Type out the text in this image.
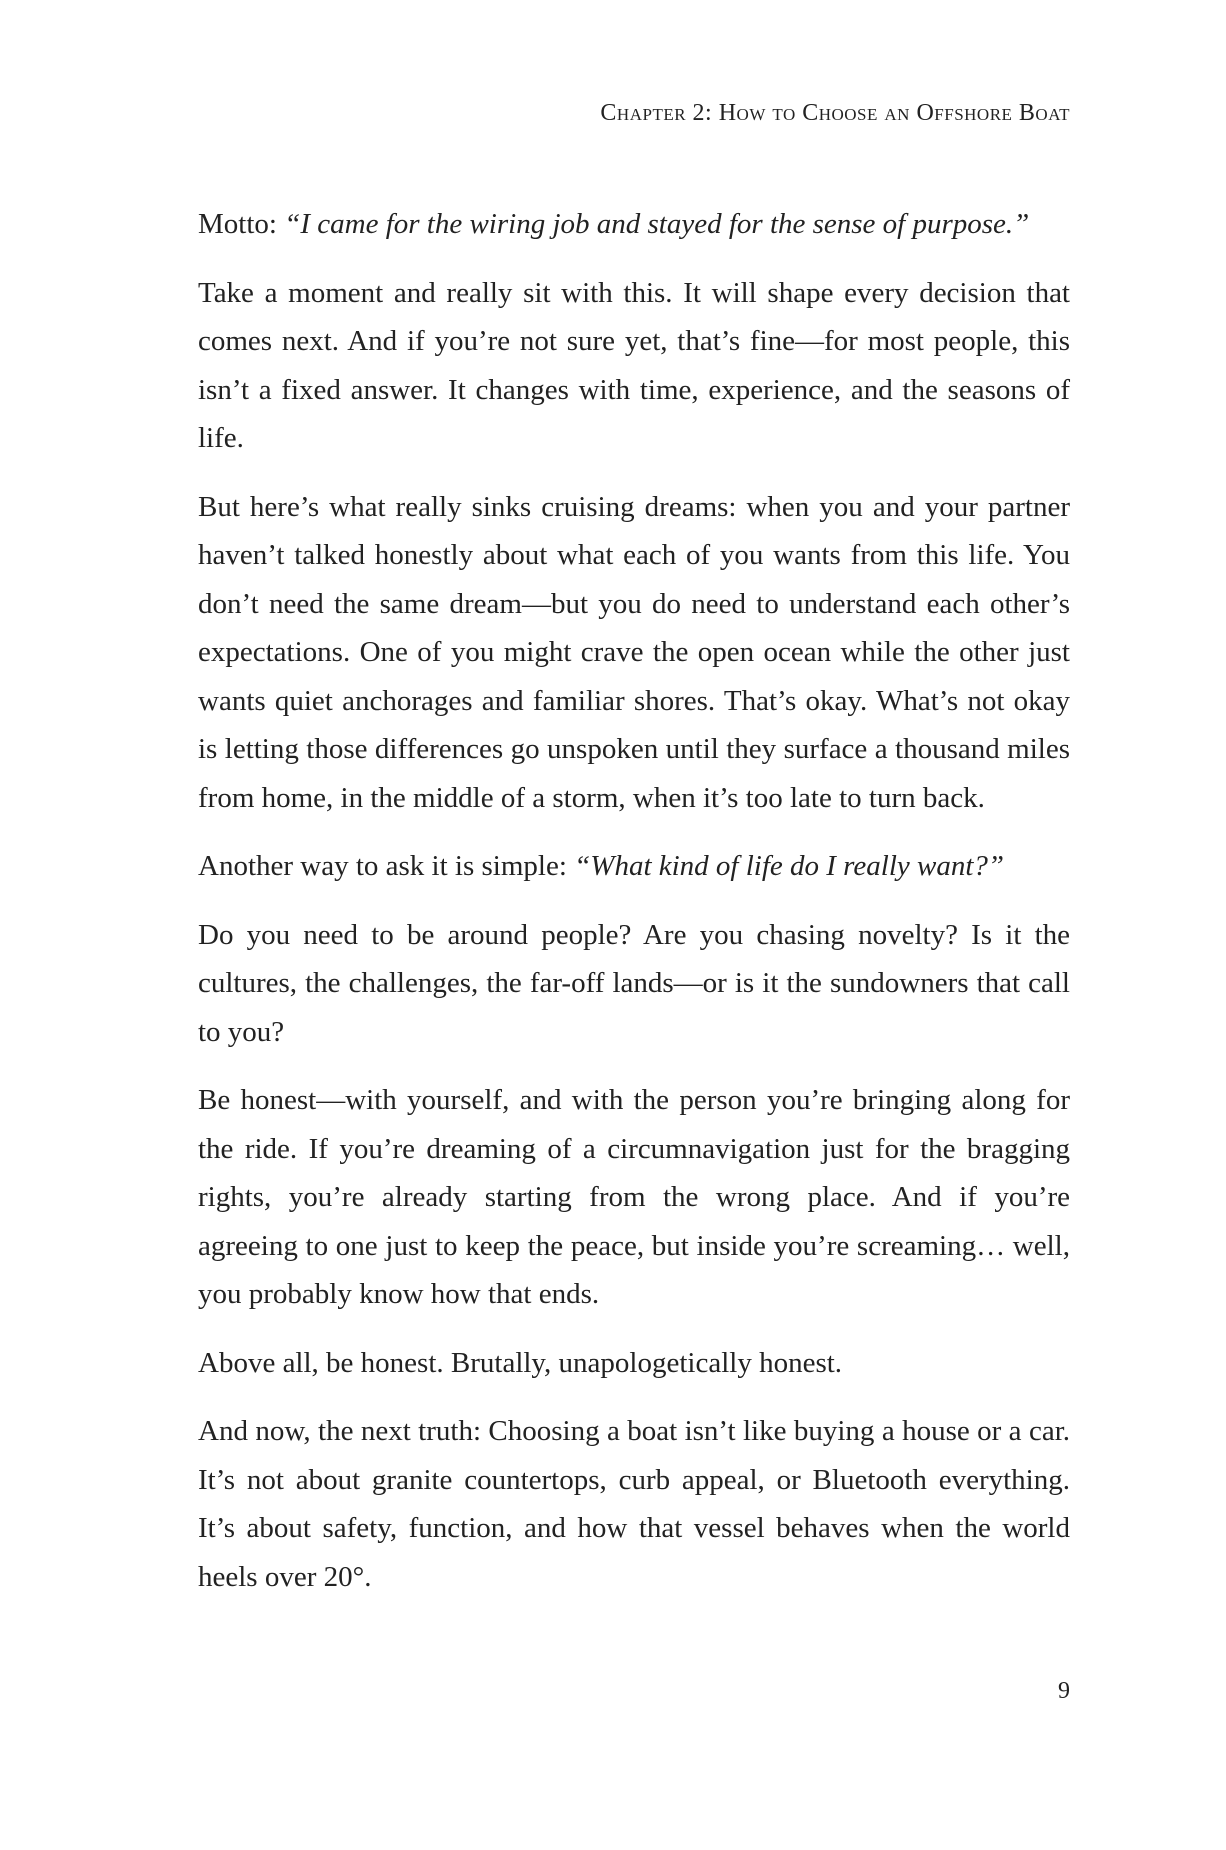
Chapter 2: How to Choose an Offshore Boat

Motto: “I came for the wiring job and stayed for the sense of purpose.”

Take a moment and really sit with this. It will shape every decision that comes next. And if you’re not sure yet, that’s fine—for most people, this isn’t a fixed answer. It changes with time, experience, and the seasons of life.

But here’s what really sinks cruising dreams: when you and your partner haven’t talked honestly about what each of you wants from this life. You don’t need the same dream—but you do need to understand each other’s expectations. One of you might crave the open ocean while the other just wants quiet anchorages and familiar shores. That’s okay. What’s not okay is letting those differences go unspoken until they surface a thousand miles from home, in the middle of a storm, when it’s too late to turn back.

Another way to ask it is simple: “What kind of life do I really want?”

Do you need to be around people? Are you chasing novelty? Is it the cultures, the challenges, the far-off lands—or is it the sundowners that call to you?

Be honest—with yourself, and with the person you’re bringing along for the ride. If you’re dreaming of a circumnavigation just for the bragging rights, you’re already starting from the wrong place. And if you’re agreeing to one just to keep the peace, but inside you’re screaming… well, you probably know how that ends.

Above all, be honest. Brutally, unapologetically honest.

And now, the next truth: Choosing a boat isn’t like buying a house or a car. It’s not about granite countertops, curb appeal, or Bluetooth everything. It’s about safety, function, and how that vessel behaves when the world heels over 20°.

9
